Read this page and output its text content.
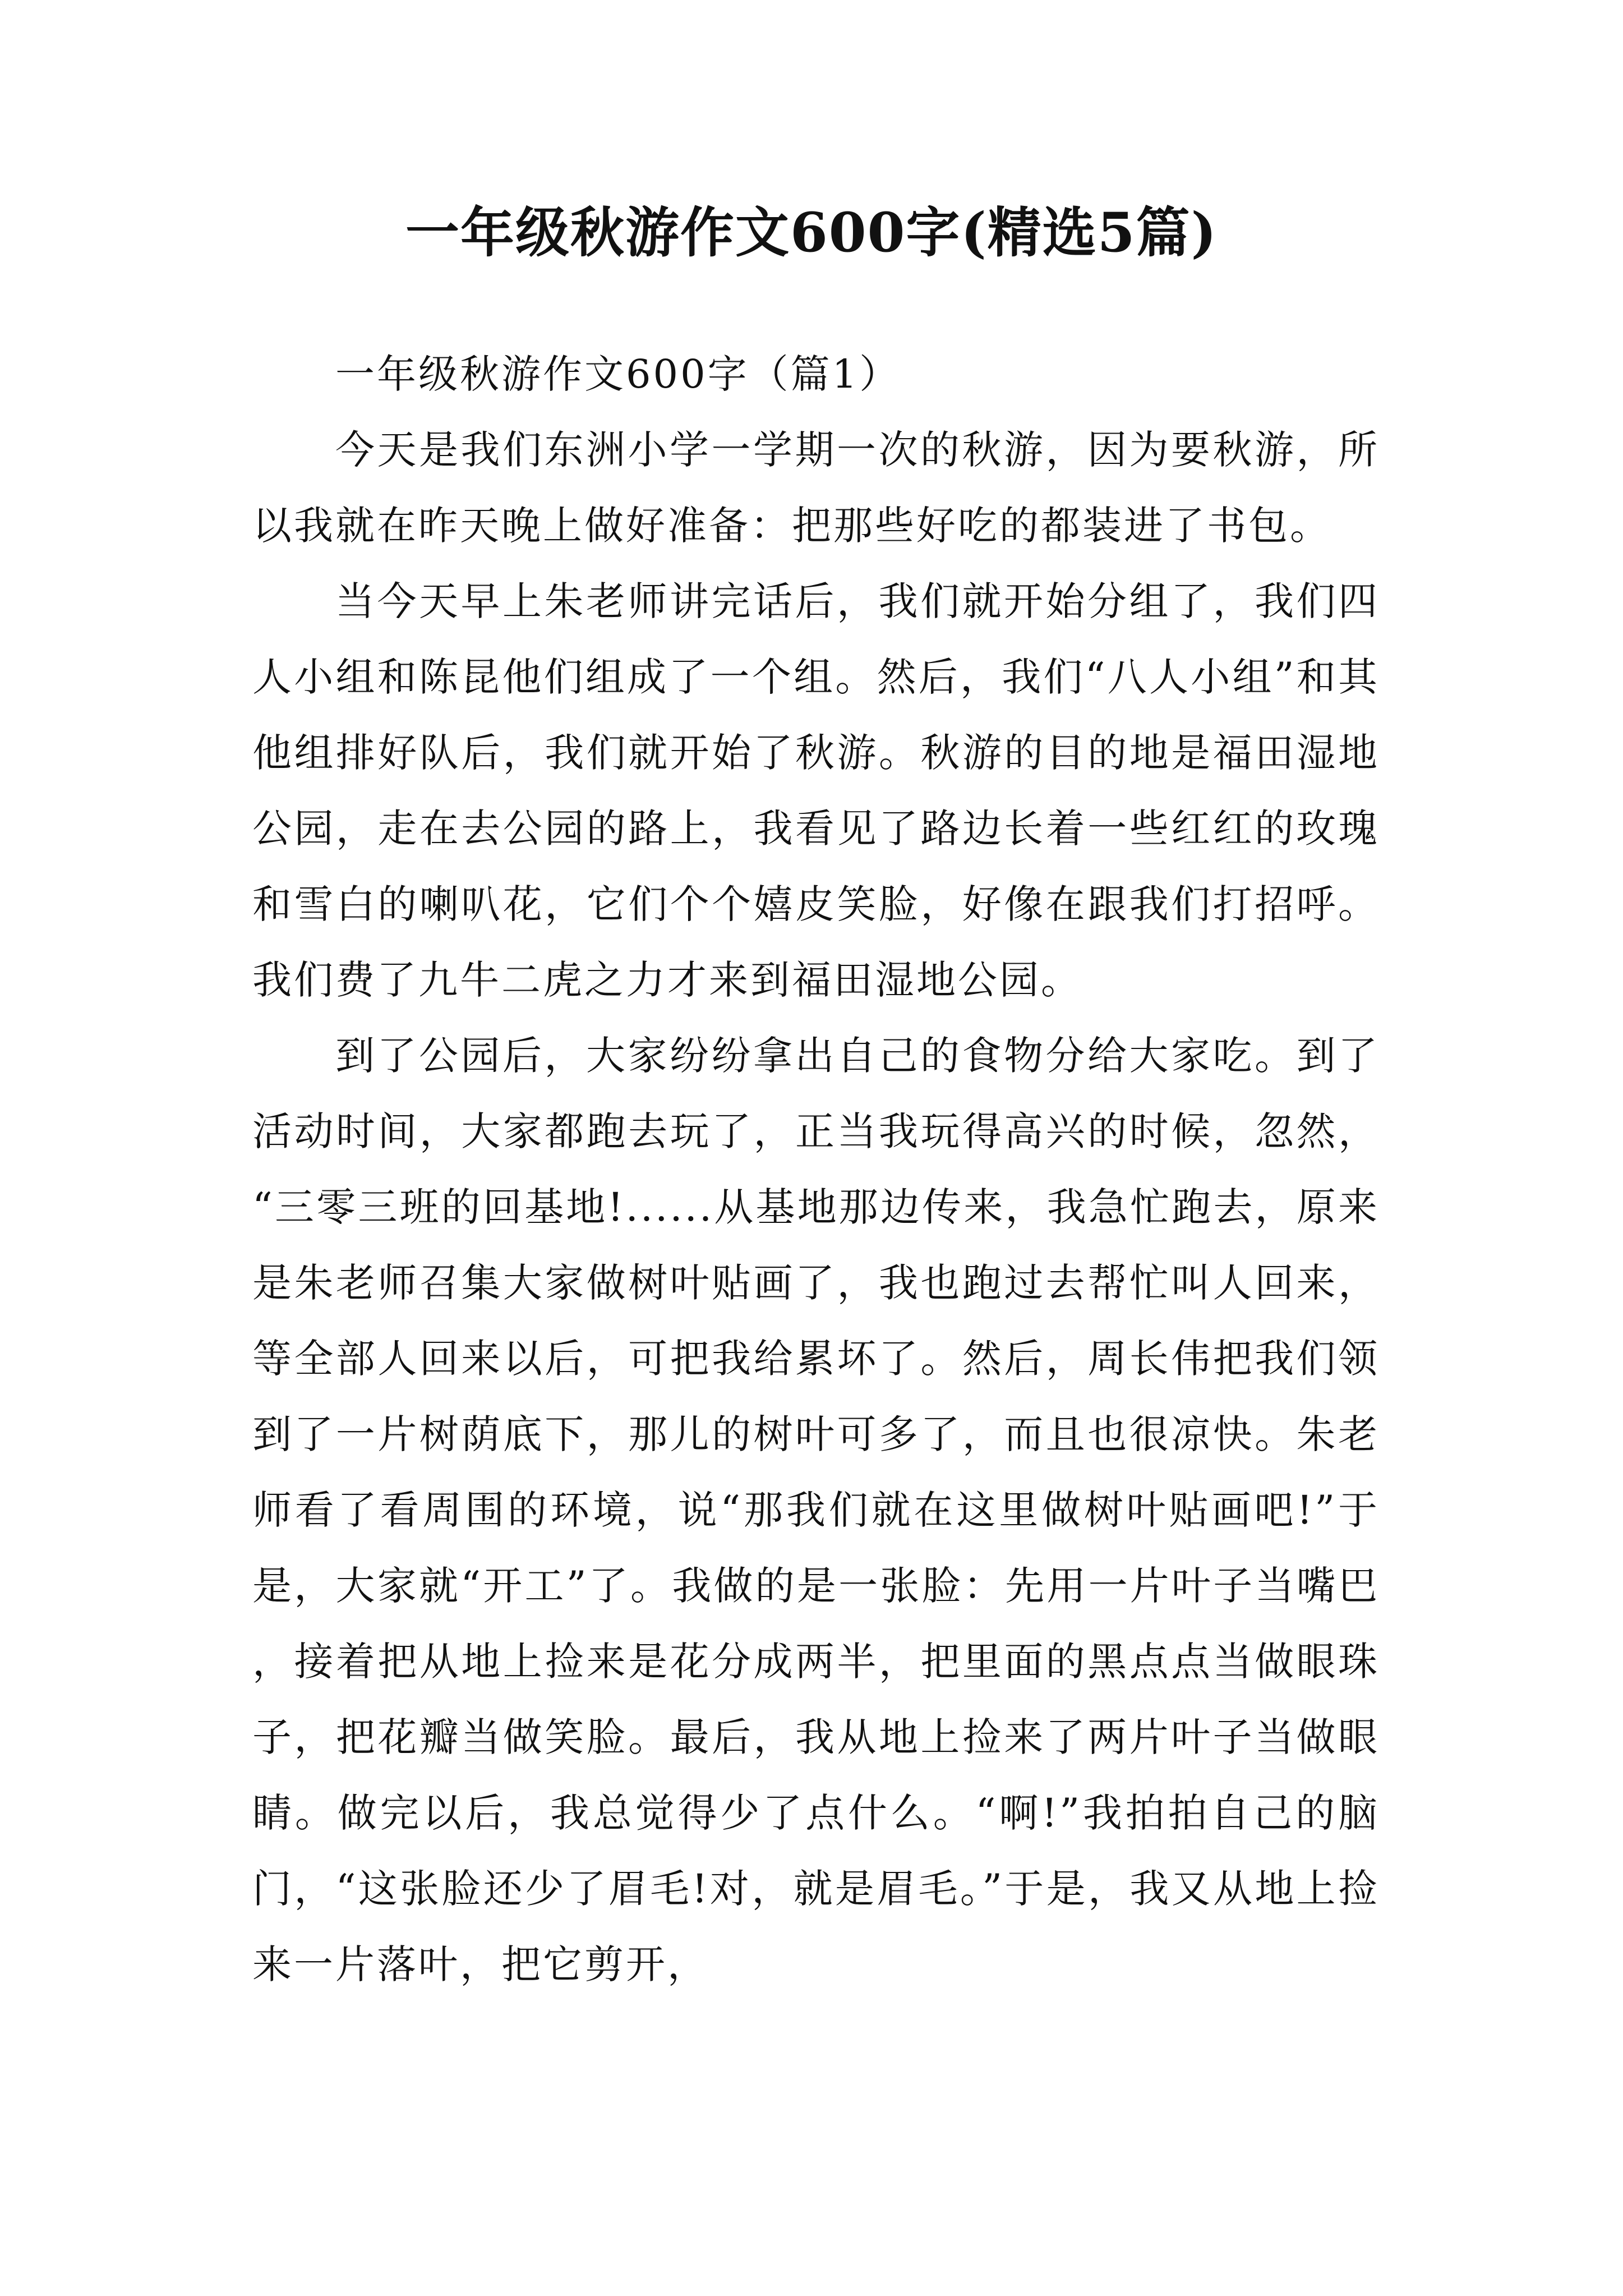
一年级秋游作文600字(精选5篇)
一年级秋游作文600字（篇1）

今天是我们东洲小学一学期一次的秋游，因为要秋游，所以我就在昨天晚上做好准备：把那些好吃的都装进了书包。

当今天早上朱老师讲完话后，我们就开始分组了，我们四人小组和陈昆他们组成了一个组。然后，我们“八人小组”和其他组排好队后，我们就开始了秋游。秋游的目的地是福田湿地公园，走在去公园的路上，我看见了路边长着一些红红的玫瑰和雪白的喇叭花，它们个个嬉皮笑脸，好像在跟我们打招呼。我们费了九牛二虎之力才来到福田湿地公园。

到了公园后，大家纷纷拿出自己的食物分给大家吃。到了活动时间，大家都跑去玩了，正当我玩得高兴的时候，忽然，“三零三班的回基地!......从基地那边传来，我急忙跑去，原来是朱老师召集大家做树叶贴画了，我也跑过去帮忙叫人回来，等全部人回来以后，可把我给累坏了。然后，周长伟把我们领到了一片树荫底下，那儿的树叶可多了，而且也很凉快。朱老师看了看周围的环境，说“那我们就在这里做树叶贴画吧!”于是，大家就“开工”了。我做的是一张脸：先用一片叶子当嘴巴，接着把从地上捡来是花分成两半，把里面的黑点点当做眼珠子，把花瓣当做笑脸。最后，我从地上捡来了两片叶子当做眼睛。做完以后，我总觉得少了点什么。“啊!”我拍拍自己的脑门，“这张脸还少了眉毛!对，就是眉毛。”于是，我又从地上捡来一片落叶，把它剪开，
